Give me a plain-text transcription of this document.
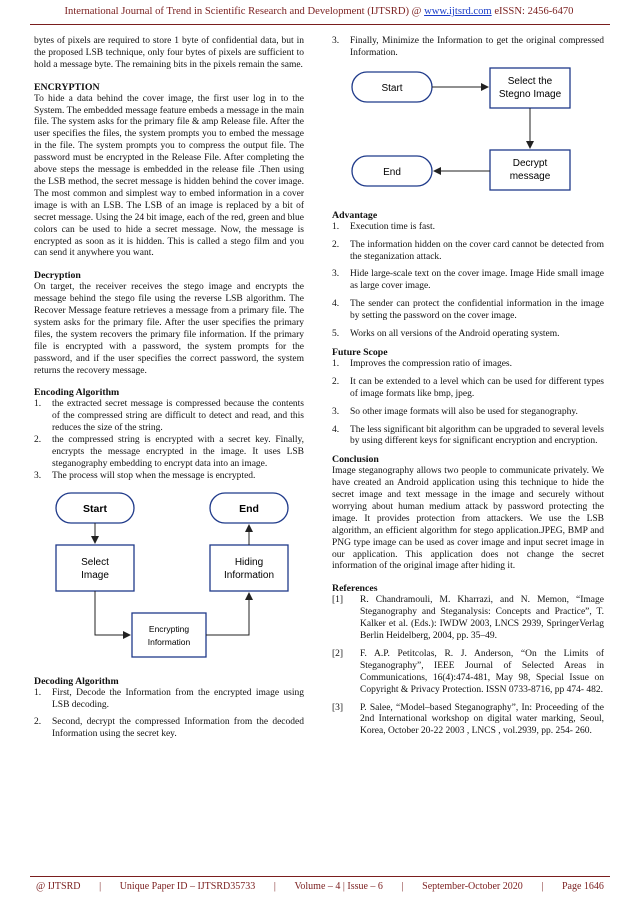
International Journal of Trend in Scientific Research and Development (IJTSRD) @ www.ijtsrd.com eISSN: 2456-6470

bytes of pixels are required to store 1 byte of confidential data, but in the proposed LSB technique, only four bytes of pixels are sufficient to hold a message byte. The remaining bits in the pixels remain the same.

ENCRYPTION

To hide a data behind the cover image, the first user log in to the System. The embedded message feature embeds a message in the main file. The system asks for the primary file & amp Release file. After the user specifies the files, the system prompts you to embed the message in the file. The system prompts you to compress the output file. The password must be encrypted in the Release File. After completing the above steps the message is embedded in the release file .Then using the LSB method, the secret message is hidden behind the cover image. The most common and simplest way to embed information in a cover image is with an LSB. The LSB of an image is replaced by a bit of secret message. Using the 24 bit image, each of the red, green and blue colors can be used to hide a secret message. Now, the message is encrypted as soon as it is hidden. This is called a stego film and you can send it anywhere you want.

Decryption

On target, the receiver receives the stego image and encrypts the message behind the stego file using the reverse LSB algorithm. The Recover Message feature retrieves a message from a primary file. The system asks for the primary file. After the user specifies the primary files, the system recovers the primary file information. If the primary file is encrypted with a password, the system prompts for the password, and if the user specifies the correct password, the system returns the recovery message.

Encoding Algorithm
1.	the extracted secret message is compressed because the contents of the compressed string are difficult to detect and read, and this reduces the size of the string.
2.	the compressed string is encrypted with a secret key. Finally, encrypts the message encrypted in the image. It uses LSB steganography embedding to encrypt data into an image.
3.	The process will stop when the message is encrypted.
Start	End
Select
Image
Hiding
Information
Encrypting
Information
Decoding Algorithm
1.	First, Decode the Information from the encrypted image using LSB decoding.
2.	Second, decrypt the compressed Information from the decoded Information using the secret key.
3.	Finally, Minimize the Information to get the original compressed Information.
Start
Select the
Stegno Image
End
Decrypt
message
Advantage
1.	Execution time is fast.
2.	The information hidden on the cover card cannot be detected from the steganization attack.
3.	Hide large-scale text on the cover image. Image Hide small image as large cover image.
4.	The sender can protect the confidential information in the image by setting the password on the cover image.
5.	Works on all versions of the Android operating system.
Future Scope
1.	Improves the compression ratio of images.
2.	It can be extended to a level which can be used for different types of image formats like bmp, jpeg.
3.	So other image formats will also be used for steganography.
4.	The less significant bit algorithm can be upgraded to several levels by using different keys for significant encryption and encryption.
Conclusion

Image steganography allows two people to communicate privately. We have created an Android application using this technique to hide the secret image and text message in the image and securely without worrying about human medium attack by password protecting the image. It provides protection from attackers. We use the LSB algorithm, an efficient algorithm for stego application.JPEG, BMP and PNG type image can be used as cover image and input secret image in our application. This application does not change the secret information of the original image after hiding it.

References
[1]	R. Chandramouli, M. Kharrazi, and N. Memon, “Image Steganography and Steganalysis: Concepts and Practice”, T. Kalker et al. (Eds.): IWDW 2003, LNCS 2939, SpringerVerlag Berlin Heidelberg, 2004, pp. 35–49.
[2]	F. A.P. Petitcolas, R. J. Anderson, “On the Limits of Steganography”, IEEE Journal of Selected Areas in Communications, 16(4):474-481, May 98, Special Issue on Copyright & Privacy Protection. ISSN 0733-8716, pp 474- 482.
[3]	P. Salee, “Model–based Steganography”, In: Proceeding of the 2nd International workshop on digital water marking, Seoul, Korea, October 20-22 2003 , LNCS , vol.2939, pp. 254- 260.
@ IJTSRD | Unique Paper ID – IJTSRD35733 | Volume – 4 | Issue – 6 | September-October 2020 | Page 1646
